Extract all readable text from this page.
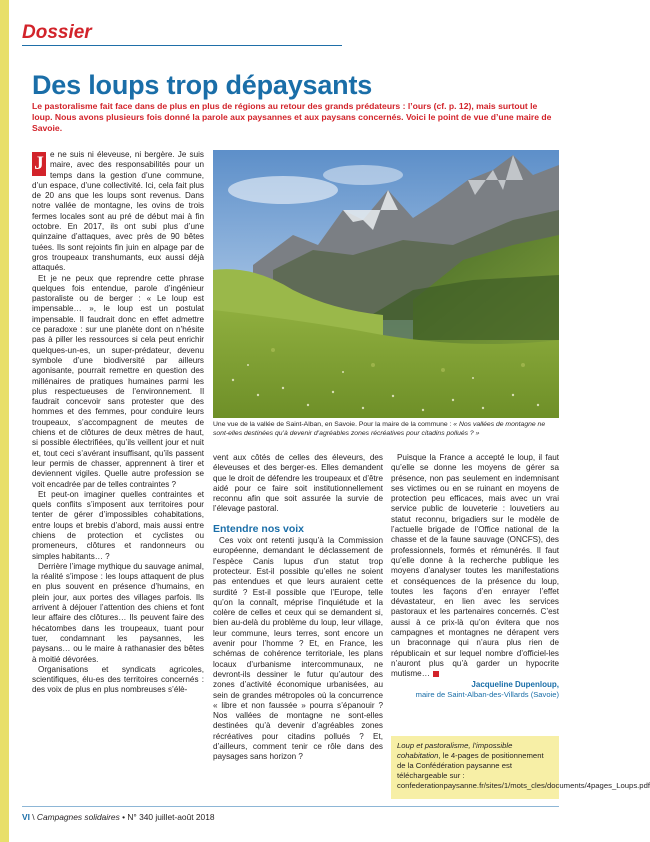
Dossier
Des loups trop dépaysants

Le pastoralisme fait face dans de plus en plus de régions au retour des grands prédateurs : l’ours (cf. p. 12), mais surtout le loup. Nous avons plusieurs fois donné la parole aux paysannes et aux paysans concernés. Voici le point de vue d’une maire de Savoie.

J e ne suis ni éleveuse, ni bergère. Je suis maire, avec des responsabilités pour un temps dans la gestion d’une commune, d’un espace, d’une collectivité. Ici, cela fait plus de 20 ans que les loups sont revenus. Dans notre vallée de montagne, les ovins de trois fermes locales sont au pré de début mai à fin octobre. En 2017, ils ont subi plus d’une quinzaine d’attaques, avec près de 90 bêtes tuées. Ils sont rejoints fin juin en alpage par de gros troupeaux transhumants, eux aussi déjà attaqués.

Et je ne peux que reprendre cette phrase quelques fois entendue, parole d’ingénieur pastoraliste ou de berger : « Le loup est impensable… », le loup est un postulat impensable. Il faudrait donc en effet admettre ce paradoxe : sur une planète dont on n’hésite pas à piller les ressources si cela peut enrichir quelques-un-es, un super-prédateur, devenu symbole d’une biodiversité par ailleurs agonisante, pourrait remettre en question des millénaires de pratiques humaines parmi les plus respectueuses de l’environnement. Il faudrait concevoir sans protester que des hommes et des femmes, pour conduire leurs troupeaux, s’accompagnent de meutes de chiens et de clôtures de deux mètres de haut, si possible électrifiées, qu’ils veillent jour et nuit et, tout ceci s’avérant insuffisant, qu’ils passent leur permis de chasser, apprennent à tirer et deviennent vigiles. Quelle autre profession se voit encadrée par de telles contraintes ?

Et peut-on imaginer quelles contraintes et quels conflits s’imposent aux territoires pour tenter de gérer d’impossibles cohabitations, entre loups et brebis d’abord, mais aussi entre chiens de protection et cyclistes ou promeneurs, clôtures et randonneurs ou simples habitants… ?

Derrière l’image mythique du sauvage animal, la réalité s’impose : les loups attaquent de plus en plus souvent en présence d’humains, en plein jour, aux portes des villages parfois. Ils arrivent à déjouer l’attention des chiens et font leur affaire des clôtures… Ils peuvent faire des hécatombes dans les troupeaux, tuant pour tuer, condamnant les paysannes, les paysans… ou le maire à rathanasier des bêtes à moitié dévorées.

Organisations et syndicats agricoles, scientifiques, élu-es des territoires concernés : des voix de plus en plus nombreuses s’élè-

Une vue de la vallée de Saint-Alban, en Savoie. Pour la maire de la commune : « Nos vallées de montagne ne sont-elles destinées qu’à devenir d’agréables zones récréatives pour citadins pollués ? »

vent aux côtés de celles des éleveurs, des éleveuses et des berger-es. Elles demandent que le droit de défendre les troupeaux et d’être aidé pour ce faire soit institutionnellement reconnu afin que soit assurée la survie de l’élevage pastoral.

Entendre nos voix

Ces voix ont retenti jusqu’à la Commission européenne, demandant le déclassement de l’espèce Canis lupus d’un statut trop protecteur. Est-il possible qu’elles ne soient pas entendues et que leurs auraient cette surdité ? Est-il possible que l’Europe, telle qu’on la connaît, méprise l’inquiétude et la colère de celles et ceux qui se demandent si, bien au-delà du problème du loup, leur village, leur commune, leurs terres, sont encore un avenir pour l’homme ? Et, en France, les schémas de cohérence territoriale, les plans locaux d’urbanisme intercommunaux, ne devront-ils dessiner le futur qu’autour des zones d’activité économique urbanisées, au sein de grandes métropoles où la concurrence « libre et non faussée » pourra s’épanouir ? Nos vallées de montagne ne sont-elles destinées qu’à devenir d’agréables zones récréatives pour citadins pollués ? Et, d’ailleurs, comment tenir ce rôle dans des paysages sans horizon ?

Puisque la France a accepté le loup, il faut qu’elle se donne les moyens de gérer sa présence, non pas seulement en indemnisant ses victimes ou en se ruinant en moyens de protection peu efficaces, mais avec un vrai service public de louveterie : louvetiers au statut reconnu, brigadiers sur le modèle de l’actuelle brigade de l’Office national de la chasse et de la faune sauvage (ONCFS), des professionnels, formés et rémunérés. Il faut qu’elle donne à la recherche publique les moyens d’analyser toutes les manifestations et conséquences de la présence du loup, toutes les façons d’en enrayer l’effet dévastateur, en lien avec les services pastoraux et les partenaires concernés. C’est aussi à ce prix-là qu’on évitera que nos campagnes et montagnes ne dérapent vers un braconnage qui n’aura plus rien de républicain et sur lequel nombre d’officiel-les n’auront plus qu’à garder un hypocrite mutisme…

Jacqueline Dupenloup,

maire de Saint-Alban-des-Villards (Savoie)

Loup et pastoralisme, l’impossible cohabitation, le 4-pages de positionnement de la Confédération paysanne est téléchargeable sur : confederationpaysanne.fr/sites/1/mots_cles/documents/4pages_Loups.pdf
VI \ Campagnes solidaires • N° 340 juillet-août 2018
